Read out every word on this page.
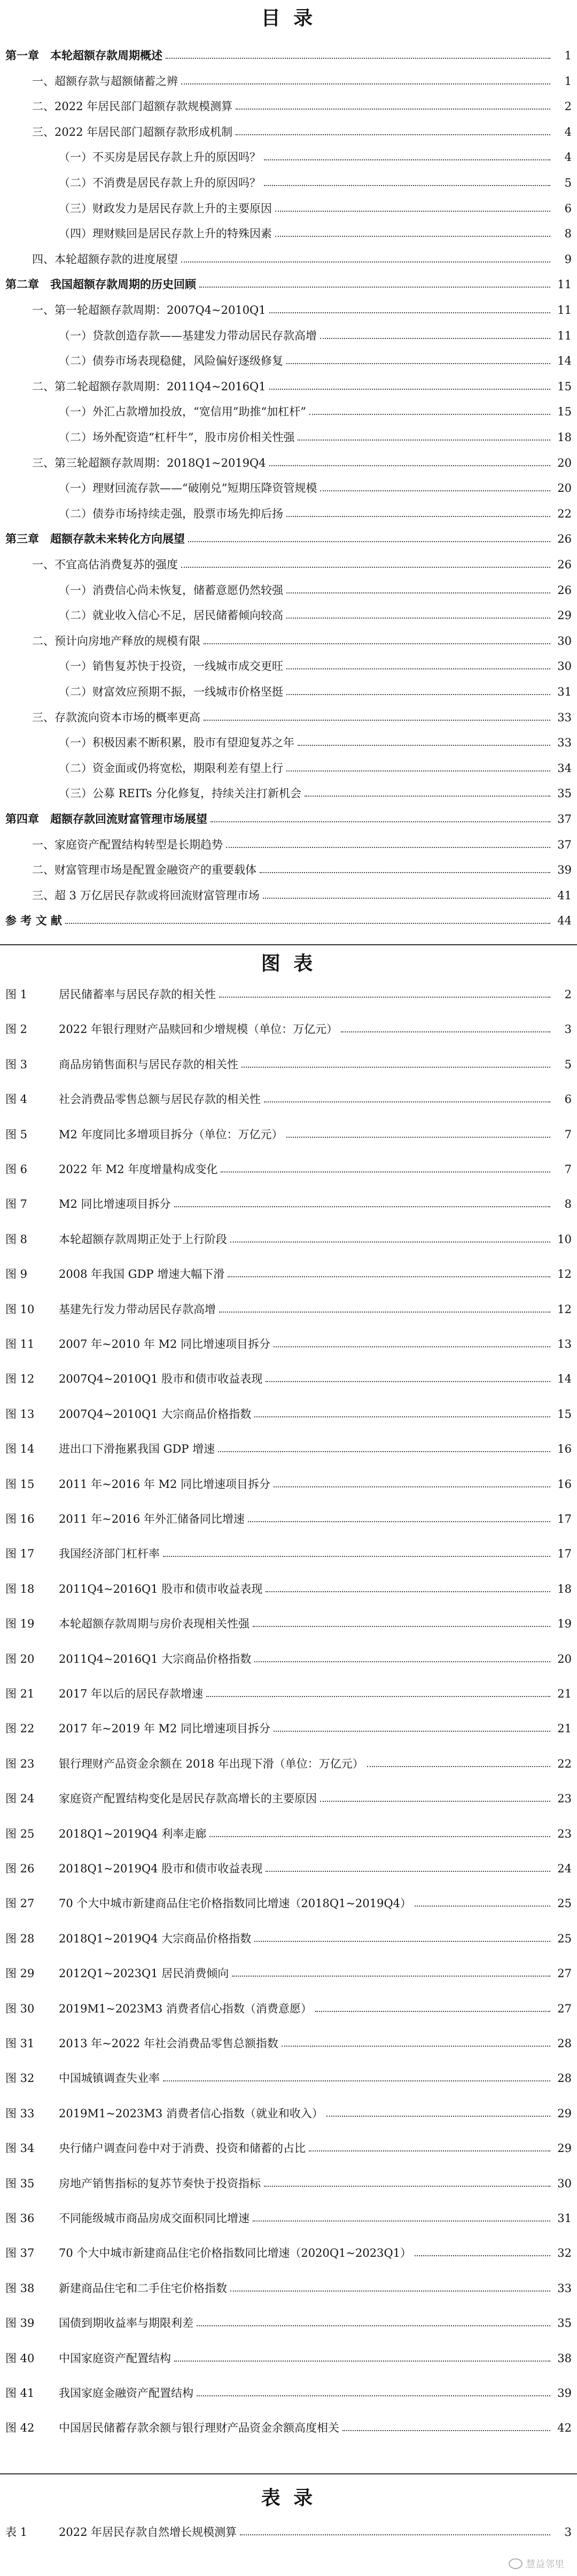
目 录
第一章　本轮超额存款周期概述	1
一、超额存款与超额储蓄之辨	1
二、2022 年居民部门超额存款规模测算	2
三、2022 年居民部门超额存款形成机制	4
（一）不买房是居民存款上升的原因吗？	4
（二）不消费是居民存款上升的原因吗？	5
（三）财政发力是居民存款上升的主要原因	6
（四）理财赎回是居民存款上升的特殊因素	8
四、本轮超额存款的进度展望	9
第二章　我国超额存款周期的历史回顾	11
一、第一轮超额存款周期：2007Q4~2010Q1	11
（一）贷款创造存款——基建发力带动居民存款高增	11
（二）债券市场表现稳健，风险偏好逐级修复	14
二、第二轮超额存款周期：2011Q4~2016Q1	15
（一）外汇占款增加投放，“宽信用”助推“加杠杆”	15
（二）场外配资造“杠杆牛”，股市房价相关性强	18
三、第三轮超额存款周期：2018Q1~2019Q4	20
（一）理财回流存款——“破刚兑”短期压降资管规模	20
（二）债券市场持续走强，股票市场先抑后扬	22
第三章　超额存款未来转化方向展望	26
一、不宜高估消费复苏的强度	26
（一）消费信心尚未恢复，储蓄意愿仍然较强	26
（二）就业收入信心不足，居民储蓄倾向较高	29
二、预计向房地产释放的规模有限	30
（一）销售复苏快于投资，一线城市成交更旺	30
（二）财富效应预期不振，一线城市价格坚挺	31
三、存款流向资本市场的概率更高	33
（一）积极因素不断积累，股市有望迎复苏之年	33
（二）资金面或仍将宽松，期限利差有望上行	34
（三）公募 REITs 分化修复，持续关注打新机会	35
第四章　超额存款回流财富管理市场展望	37
一、家庭资产配置结构转型是长期趋势	37
二、财富管理市场是配置金融资产的重要载体	39
三、超 3 万亿居民存款或将回流财富管理市场	41
参 考 文 献	44
图 表
图 1	居民储蓄率与居民存款的相关性	2
图 2	2022 年银行理财产品赎回和少增规模（单位：万亿元）	3
图 3	商品房销售面积与居民存款的相关性	5
图 4	社会消费品零售总额与居民存款的相关性	6
图 5	M2 年度同比多增项目拆分（单位：万亿元）	7
图 6	2022 年 M2 年度增量构成变化	7
图 7	M2 同比增速项目拆分	8
图 8	本轮超额存款周期正处于上行阶段	10
图 9	2008 年我国 GDP 增速大幅下滑	12
图 10	基建先行发力带动居民存款高增	12
图 11	2007 年~2010 年 M2 同比增速项目拆分	13
图 12	2007Q4~2010Q1 股市和债市收益表现	14
图 13	2007Q4~2010Q1 大宗商品价格指数	15
图 14	进出口下滑拖累我国 GDP 增速	16
图 15	2011 年~2016 年 M2 同比增速项目拆分	16
图 16	2011 年~2016 年外汇储备同比增速	17
图 17	我国经济部门杠杆率	17
图 18	2011Q4~2016Q1 股市和债市收益表现	18
图 19	本轮超额存款周期与房价表现相关性强	19
图 20	2011Q4~2016Q1 大宗商品价格指数	20
图 21	2017 年以后的居民存款增速	21
图 22	2017 年~2019 年 M2 同比增速项目拆分	21
图 23	银行理财产品资金余额在 2018 年出现下滑（单位：万亿元）	22
图 24	家庭资产配置结构变化是居民存款高增长的主要原因	23
图 25	2018Q1~2019Q4 利率走廊	23
图 26	2018Q1~2019Q4 股市和债市收益表现	24
图 27	70 个大中城市新建商品住宅价格指数同比增速（2018Q1~2019Q4）	25
图 28	2018Q1~2019Q4 大宗商品价格指数	25
图 29	2012Q1~2023Q1 居民消费倾向	27
图 30	2019M1~2023M3 消费者信心指数（消费意愿）	27
图 31	2013 年~2022 年社会消费品零售总额指数	28
图 32	中国城镇调查失业率	28
图 33	2019M1~2023M3 消费者信心指数（就业和收入）	29
图 34	央行储户调查问卷中对于消费、投资和储蓄的占比	29
图 35	房地产销售指标的复苏节奏快于投资指标	30
图 36	不同能级城市商品房成交面积同比增速	31
图 37	70 个大中城市新建商品住宅价格指数同比增速（2020Q1~2023Q1）	32
图 38	新建商品住宅和二手住宅价格指数	33
图 39	国债到期收益率与期限利差	35
图 40	中国家庭资产配置结构	38
图 41	我国家庭金融资产配置结构	39
图 42	中国居民储蓄存款余额与银行理财产品资金余额高度相关	42
表 录
表 1	2022 年居民存款自然增长规模测算	3
慧益邻里
